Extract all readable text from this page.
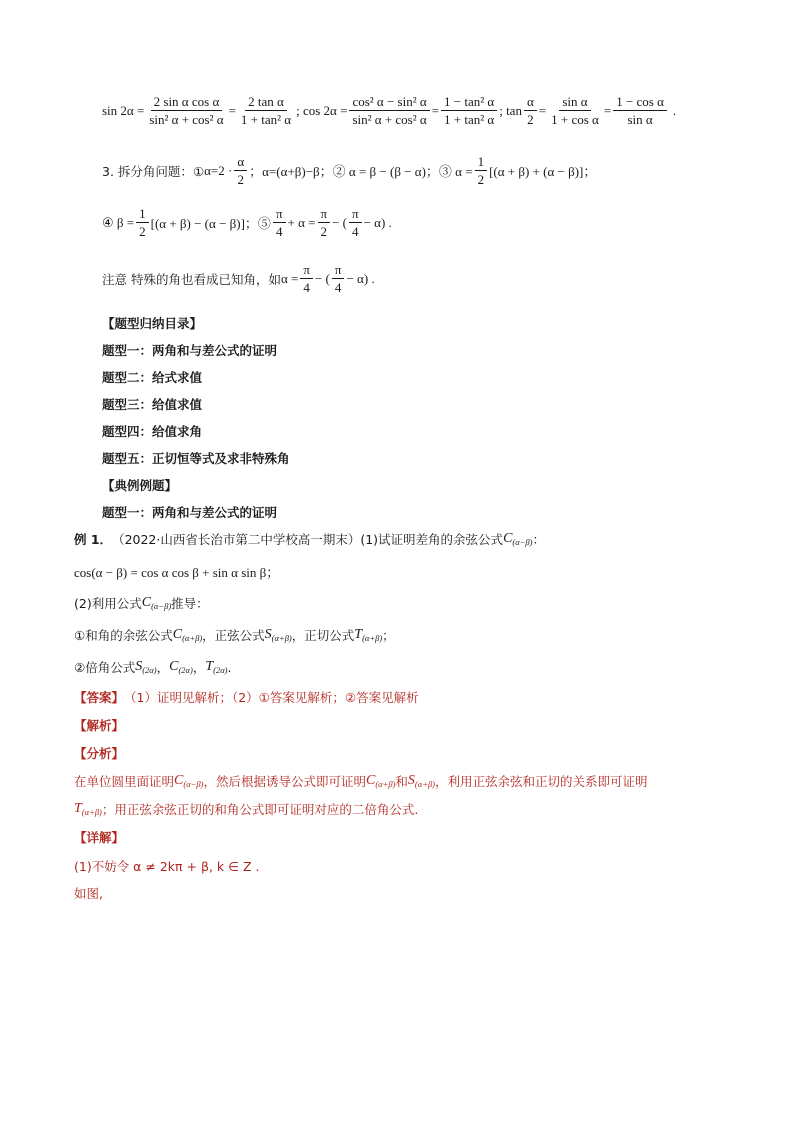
$\sin 2\alpha = \frac{\text{2 sin α cos α}}{\text{sin² α + cos² α}} = \frac{\text{2 tan α}}{\text{1 + tan² α}}$ ; $\cos 2\alpha = \frac{\text{cos² α − sin² α}}{\text{sin² α + cos² α}} = \frac{\text{1 − tan² α}}{\text{1 + tan² α}}$ ; $\tan \frac{\alpha}{2} = \frac{\text{sin α}}{\text{1 + cos α}} = \frac{\text{1 − cos α}}{\text{sin α}}$ .
3. 拆分角问题：① $\alpha=2 \cdot \frac{\alpha}{2}$ ；α=(α+β)−β；② α = β − (β − α)；③ $\alpha = \frac{1}{2} [(\alpha + \beta) + (\alpha - \beta)]$；
④ $\beta = \frac{1}{2} [(\alpha + \beta) - (\alpha - \beta)]$；⑤ $\frac{\pi}{4} + \alpha = \frac{\pi}{2}$ − ( $\frac{\pi}{4} - \alpha$) .
注意 特殊的角也看成已知角，如 $\alpha = \frac{\pi}{4}$ − ( $\frac{\pi}{4} - \alpha$) .
【题型归纳目录】
题型一：两角和与差公式的证明
题型二：给式求值
题型三：给值求值
题型四：给值求角
题型五：正切恒等式及求非特殊角
【典例例题】
题型一：两角和与差公式的证明
例 1． （2022·山西省长治市第二中学校高一期末）(1)试证明差角的余弦公式 $C_{(\alpha-\beta)}$ ：
cos(α − β) = cos α cos β + sin α sin β；
(2)利用公式 $C_{(\alpha-\beta)}$ 推导：
①和角的余弦公式 $C_{(\alpha+\beta)}$ ，正弦公式 $S_{(\alpha+\beta)}$ ，正切公式 $T_{(\alpha+\beta)}$ ；
②倍角公式 $S_{(2\alpha)}$ ， $C_{(2\alpha)}$ ， $T_{(2\alpha)}$ .
【答案】 （1）证明见解析；（2）①答案见解析；②答案见解析
【解析】
【分析】
在单位圆里面证明 $C_{(\alpha-\beta)}$ ，然后根据诱导公式即可证明 $C_{(\alpha+\beta)}$ 和 $S_{(\alpha+\beta)}$ ，利用正弦余弦和正切的关系即可证明
$T_{(\alpha+\beta)}$ ；用正弦余弦正切的和角公式即可证明对应的二倍角公式.
【详解】
(1)不妨令 α ≠ 2kπ + β, k ∈ Z .
如图,
